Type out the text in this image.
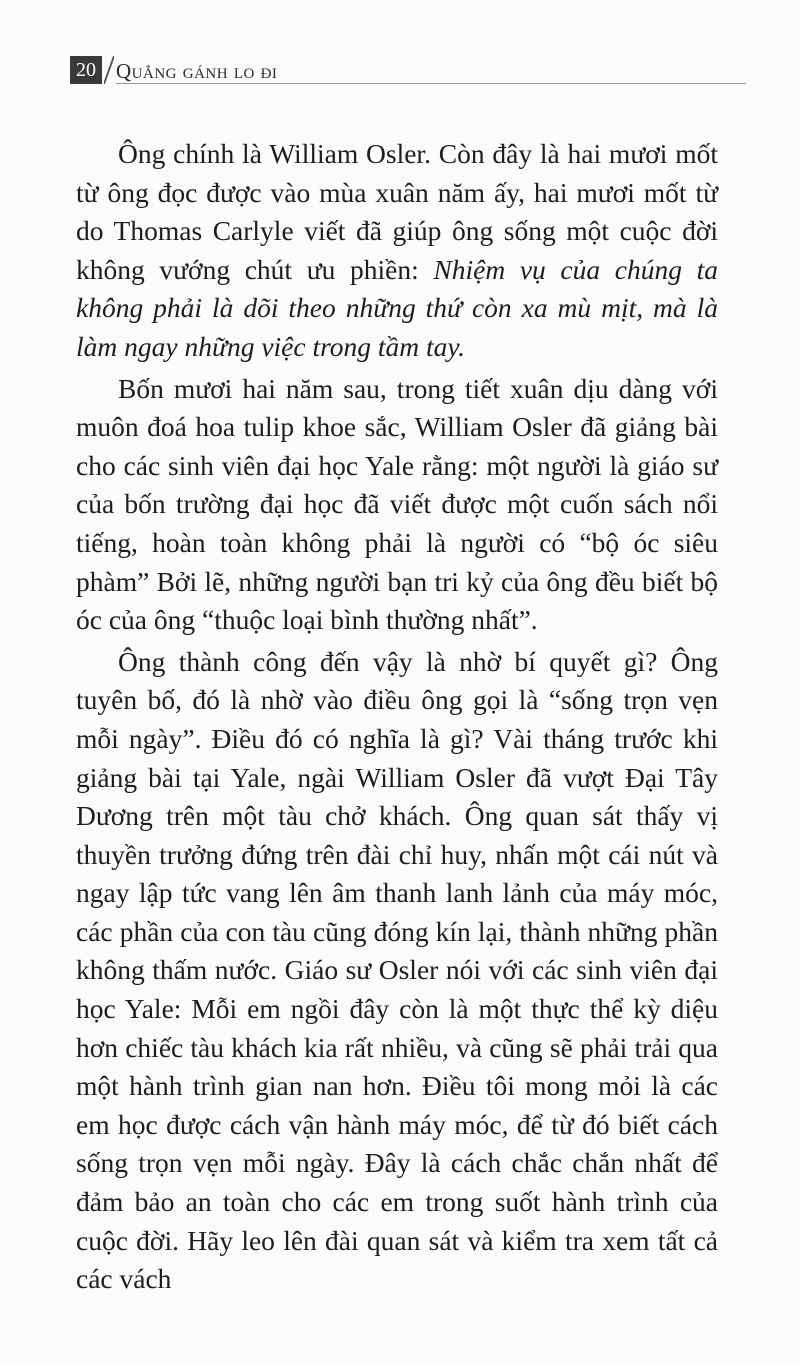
20 Quẳng gánh lo đi

Ông chính là William Osler. Còn đây là hai mươi mốt từ ông đọc được vào mùa xuân năm ấy, hai mươi mốt từ do Thomas Carlyle viết đã giúp ông sống một cuộc đời không vướng chút ưu phiền: Nhiệm vụ của chúng ta không phải là dõi theo những thứ còn xa mù mịt, mà là làm ngay những việc trong tầm tay.

Bốn mươi hai năm sau, trong tiết xuân dịu dàng với muôn đoá hoa tulip khoe sắc, William Osler đã giảng bài cho các sinh viên đại học Yale rằng: một người là giáo sư của bốn trường đại học đã viết được một cuốn sách nổi tiếng, hoàn toàn không phải là người có “bộ óc siêu phàm” Bởi lẽ, những người bạn tri kỷ của ông đều biết bộ óc của ông “thuộc loại bình thường nhất”.

Ông thành công đến vậy là nhờ bí quyết gì? Ông tuyên bố, đó là nhờ vào điều ông gọi là “sống trọn vẹn mỗi ngày”. Điều đó có nghĩa là gì? Vài tháng trước khi giảng bài tại Yale, ngài William Osler đã vượt Đại Tây Dương trên một tàu chở khách. Ông quan sát thấy vị thuyền trưởng đứng trên đài chỉ huy, nhấn một cái nút và ngay lập tức vang lên âm thanh lanh lảnh của máy móc, các phần của con tàu cũng đóng kín lại, thành những phần không thấm nước. Giáo sư Osler nói với các sinh viên đại học Yale: Mỗi em ngồi đây còn là một thực thể kỳ diệu hơn chiếc tàu khách kia rất nhiều, và cũng sẽ phải trải qua một hành trình gian nan hơn. Điều tôi mong mỏi là các em học được cách vận hành máy móc, để từ đó biết cách sống trọn vẹn mỗi ngày. Đây là cách chắc chắn nhất để đảm bảo an toàn cho các em trong suốt hành trình của cuộc đời. Hãy leo lên đài quan sát và kiểm tra xem tất cả các vách
